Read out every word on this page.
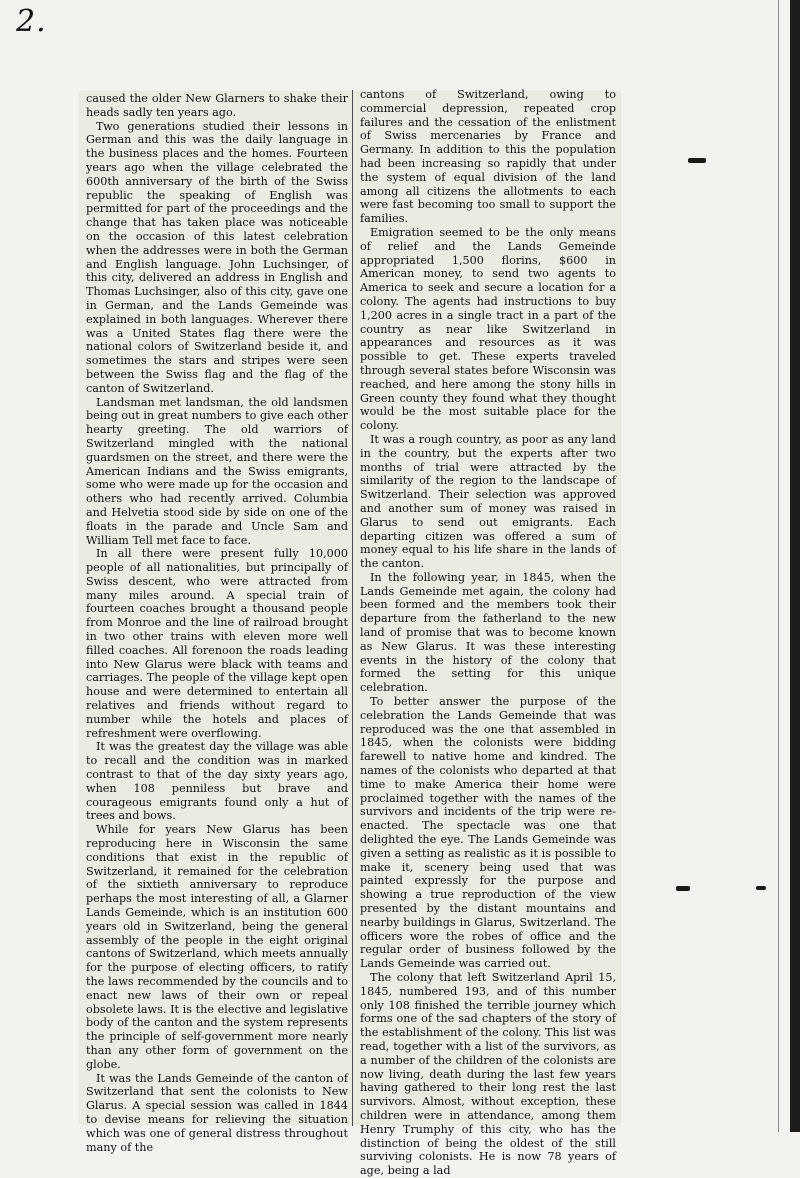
2.

caused the older New Glarners to shake their heads sadly ten years ago.

Two generations studied their lessons in German and this was the daily language in the business places and the homes. Fourteen years ago when the village celebrated the 600th anniversary of the birth of the Swiss republic the speaking of English was permitted for part of the proceedings and the change that has taken place was noticeable on the occasion of this latest celebration when the addresses were in both the German and English language. John Luchsinger, of this city, delivered an address in English and Thomas Luchsinger, also of this city, gave one in German, and the Lands Gemeinde was explained in both languages. Wherever there was a United States flag there were the national colors of Switzerland beside it, and sometimes the stars and stripes were seen between the Swiss flag and the flag of the canton of Switzerland.

Landsman met landsman, the old landsmen being out in great numbers to give each other hearty greeting. The old warriors of Switzerland mingled with the national guardsmen on the street, and there were the American Indians and the Swiss emigrants, some who were made up for the occasion and others who had recently arrived. Columbia and Helvetia stood side by side on one of the floats in the parade and Uncle Sam and William Tell met face to face.

In all there were present fully 10,000 people of all nationalities, but principally of Swiss descent, who were attracted from many miles around. A special train of fourteen coaches brought a thousand people from Monroe and the line of railroad brought in two other trains with eleven more well filled coaches. All forenoon the roads leading into New Glarus were black with teams and carriages. The people of the village kept open house and were determined to entertain all relatives and friends without regard to number while the hotels and places of refreshment were overflowing.

It was the greatest day the village was able to recall and the condition was in marked contrast to that of the day sixty years ago, when 108 penniless but brave and courageous emigrants found only a hut of trees and bows.

While for years New Glarus has been reproducing here in Wisconsin the same conditions that exist in the republic of Switzerland, it remained for the celebration of the sixtieth anniversary to reproduce perhaps the most interesting of all, a Glarner Lands Gemeinde, which is an institution 600 years old in Switzerland, being the general assembly of the people in the eight original cantons of Switzerland, which meets annually for the purpose of electing officers, to ratify the laws recommended by the councils and to enact new laws of their own or repeal obsolete laws. It is the elective and legislative body of the canton and the system represents the principle of self-government more nearly than any other form of government on the globe.

It was the Lands Gemeinde of the canton of Switzerland that sent the colonists to New Glarus. A special session was called in 1844 to devise means for relieving the situation which was one of general distress throughout many of the

cantons of Switzerland, owing to commercial depression, repeated crop failures and the cessation of the enlistment of Swiss mercenaries by France and Germany. In addition to this the population had been increasing so rapidly that under the system of equal division of the land among all citizens the allotments to each were fast becoming too small to support the families.

Emigration seemed to be the only means of relief and the Lands Gemeinde appropriated 1,500 florins, $600 in American money, to send two agents to America to seek and secure a location for a colony. The agents had instructions to buy 1,200 acres in a single tract in a part of the country as near like Switzerland in appearances and resources as it was possible to get. These experts traveled through several states before Wisconsin was reached, and here among the stony hills in Green county they found what they thought would be the most suitable place for the colony.

It was a rough country, as poor as any land in the country, but the experts after two months of trial were attracted by the similarity of the region to the landscape of Switzerland. Their selection was approved and another sum of money was raised in Glarus to send out emigrants. Each departing citizen was offered a sum of money equal to his life share in the lands of the canton.

In the following year, in 1845, when the Lands Gemeinde met again, the colony had been formed and the members took their departure from the fatherland to the new land of promise that was to become known as New Glarus. It was these interesting events in the history of the colony that formed the setting for this unique celebration.

To better answer the purpose of the celebration the Lands Gemeinde that was reproduced was the one that assembled in 1845, when the colonists were bidding farewell to native home and kindred. The names of the colonists who departed at that time to make America their home were proclaimed together with the names of the survivors and incidents of the trip were re-enacted. The spectacle was one that delighted the eye. The Lands Gemeinde was given a setting as realistic as it is possible to make it, scenery being used that was painted expressly for the purpose and showing a true reproduction of the view presented by the distant mountains and nearby buildings in Glarus, Switzerland. The officers wore the robes of office and the regular order of business followed by the Lands Gemeinde was carried out.

The colony that left Switzerland April 15, 1845, numbered 193, and of this number only 108 finished the terrible journey which forms one of the sad chapters of the story of the establishment of the colony. This list was read, together with a list of the survivors, as a number of the children of the colonists are now living, death during the last few years having gathered to their long rest the last survivors. Almost, without exception, these children were in attendance, among them Henry Trumphy of this city, who has the distinction of being the oldest of the still surviving colonists. He is now 78 years of age, being a lad
